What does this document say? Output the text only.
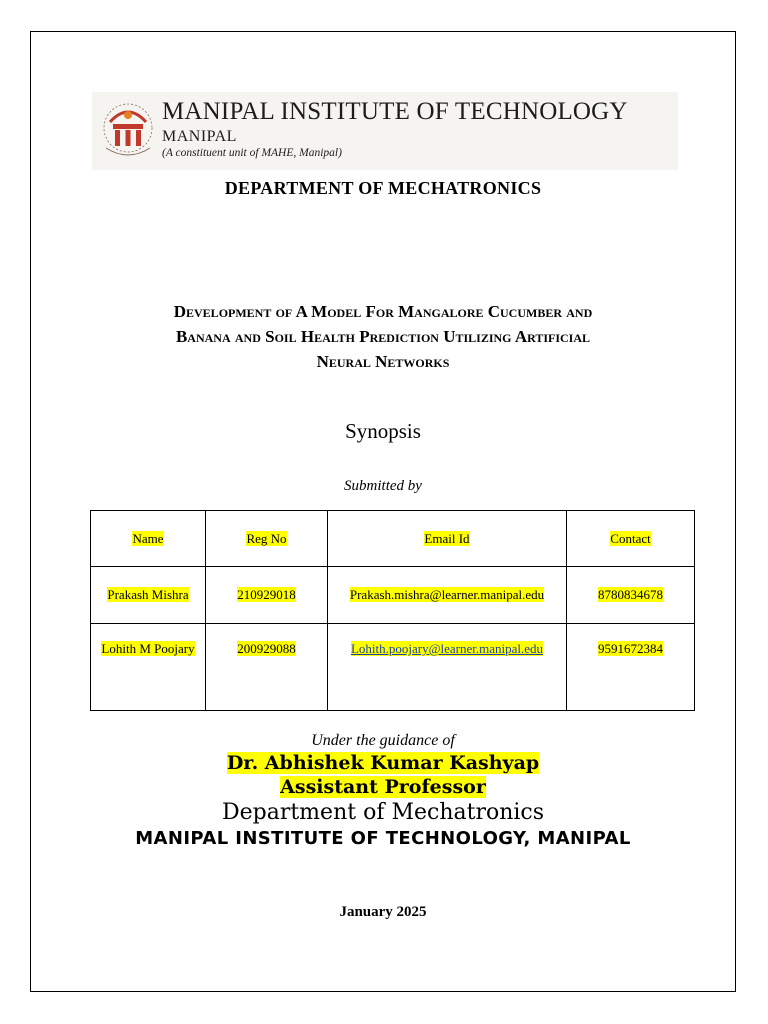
MANIPAL INSTITUTE OF TECHNOLOGY
MANIPAL
(A constituent unit of MAHE, Manipal)
DEPARTMENT OF MECHATRONICS
Development of A Model For Mangalore Cucumber and
Banana and Soil Health Prediction Utilizing Artificial
Neural Networks
Synopsis
Submitted by
Name	Reg No	Email Id	Contact
Prakash Mishra	210929018	Prakash.mishra@learner.manipal.edu	8780834678
Lohith M Poojary	200929088	Lohith.poojary@learner.manipal.edu	9591672384
Under the guidance of
Dr. Abhishek Kumar Kashyap
Assistant Professor
Department of Mechatronics
MANIPAL INSTITUTE OF TECHNOLOGY, MANIPAL
January 2025
